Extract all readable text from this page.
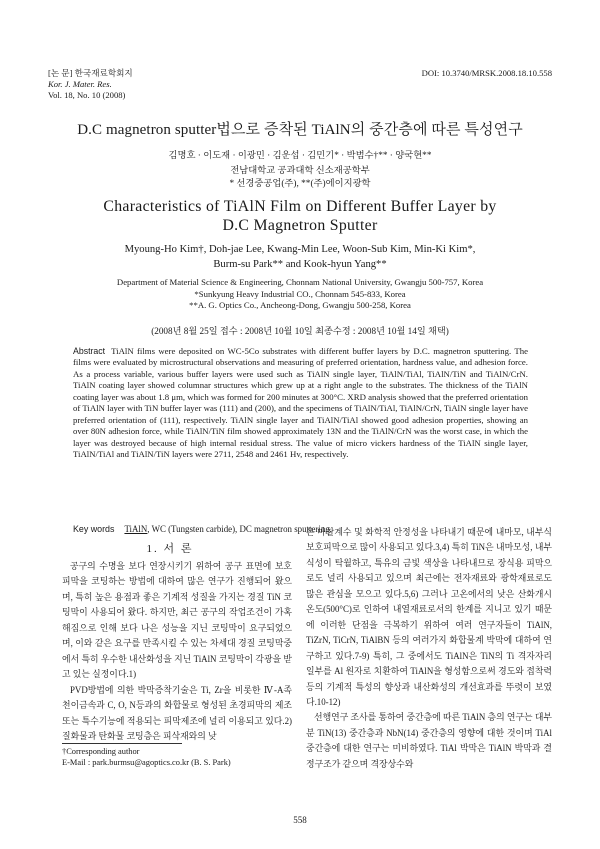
[논 문] 한국재료학회지
Kor. J. Mater. Res.
Vol. 18, No. 10 (2008)
DOI: 10.3740/MRSK.2008.18.10.558
D.C magnetron sputter법으로 증착된 TiAlN의 중간층에 따른 특성연구
김명호 · 이도재 · 이광민 · 김운섭 · 김민기* · 박범수†** · 양국현**
전남대학교 공과대학 신소재공학부
* 선경중공업(주), **(주)에이지광학
Characteristics of TiAlN Film on Different Buffer Layer by
D.C Magnetron Sputter
Myoung-Ho Kim†, Doh-jae Lee, Kwang-Min Lee, Woon-Sub Kim, Min-Ki Kim*,
Burm-su Park** and Kook-hyun Yang**
Department of Material Science & Engineering, Chonnam National University, Gwangju 500-757, Korea
*Sunkyung Heavy Industrial CO., Chonnam 545-833, Korea
**A. G. Optics Co., Ancheong-Dong, Gwangju 500-258, Korea
(2008년 8월 25일 접수 : 2008년 10월 10일 최종수정 : 2008년 10월 14일 채택)
Abstract TiAlN films were deposited on WC-5Co substrates with different buffer layers by D.C. magnetron sputtering. The films were evaluated by microstructural observations and measuring of preferred orientation, hardness value, and adhesion force. As a process variable, various buffer layers were used such as TiAlN single layer, TiAlN/TiAl, TiAlN/TiN and TiAlN/CrN. TiAlN coating layer showed columnar structures which grew up at a right angle to the substrates. The thickness of the TiAlN coating layer was about 1.8 μm, which was formed for 200 minutes at 300°C. XRD analysis showed that the preferred orientation of TiAlN layer with TiN buffer layer was (111) and (200), and the specimens of TiAlN/TiAl, TiAlN/CrN, TiAlN single layer have preferred orientation of (111), respectively. TiAlN single layer and TiAlN/TiAl showed good adhesion properties, showing an over 80N adhesion force, while TiAlN/TiN film showed approximately 13N and the TiAlN/CrN was the worst case, in which the layer was destroyed because of high internal residual stress. The value of micro vickers hardness of the TiAlN single layer, TiAlN/TiAl and TiAlN/TiN layers were 2711, 2548 and 2461 Hv, respectively.
Key words TiAlN, WC (Tungsten carbide), DC magnetron sputtering.
1. 서 론

공구의 수명을 보다 연장시키기 위하여 공구 표면에 보호 피막을 코팅하는 방법에 대하여 많은 연구가 진행되어 왔으며, 특히 높은 용점과 좋은 기계적 성질을 가지는 경질 TiN 코팅막이 사용되어 왔다. 하지만, 최근 공구의 작업조건이 가혹해짐으로 인해 보다 나은 성능을 지닌 코팅막이 요구되었으며, 이와 같은 요구를 만족시킬 수 있는 차세대 경질 코팅막중에서 특히 우수한 내산화성을 지닌 TiAlN 코팅막이 각광을 받고 있는 실정이다.1)

PVD방법에 의한 박막증착기술은 Ti, Zr을 비롯한 Ⅳ-A족 천이금속과 C, O, N등과의 화합물로 형성된 초경피막의 제조 또는 특수기능에 적용되는 피막제조에 널리 이용되고 있다.2) 질화물과 탄화물 코팅층은 피삭재와의 낮

은 마찰계수 및 화학적 안정성을 나타내기 때문에 내마모, 내부식 보호피막으로 많이 사용되고 있다.3,4) 특히 TiN은 내마모성, 내부식성이 탁월하고, 특유의 금빛 색상을 나타내므로 장식용 피막으로도 널리 사용되고 있으며 최근에는 전자재료와 광학재료로도 많은 관심을 모으고 있다.5,6) 그러나 고온에서의 낮은 산화개시온도(500°C)로 인하여 내열재료로서의 한계를 지니고 있기 때문에 이러한 단점을 극복하기 위하여 여러 연구자들이 TiAlN, TiZrN, TiCrN, TiAlBN 등의 여러가지 화합물계 박막에 대하여 연구하고 있다.7-9) 특히, 그 중에서도 TiAlN은 TiN의 Ti 격자자리 일부를 Al 원자로 치환하여 TiAlN을 형성함으로써 경도와 접착력 등의 기계적 특성의 향상과 내산화성의 개선효과를 뚜렷이 보였다.10-12)

선행연구 조사를 통하여 중간층에 따른 TiAlN 층의 연구는 대부분 TiN(13) 중간층과 NbN(14) 중간층의 영향에 대한 것이며 TiAl 중간층에 대한 연구는 미비하였다. TiAl 박막은 TiAlN 박막과 결정구조가 같으며 격장상수와

†Corresponding author
E-Mail : park.burmsu@agoptics.co.kr (B. S. Park)
558
